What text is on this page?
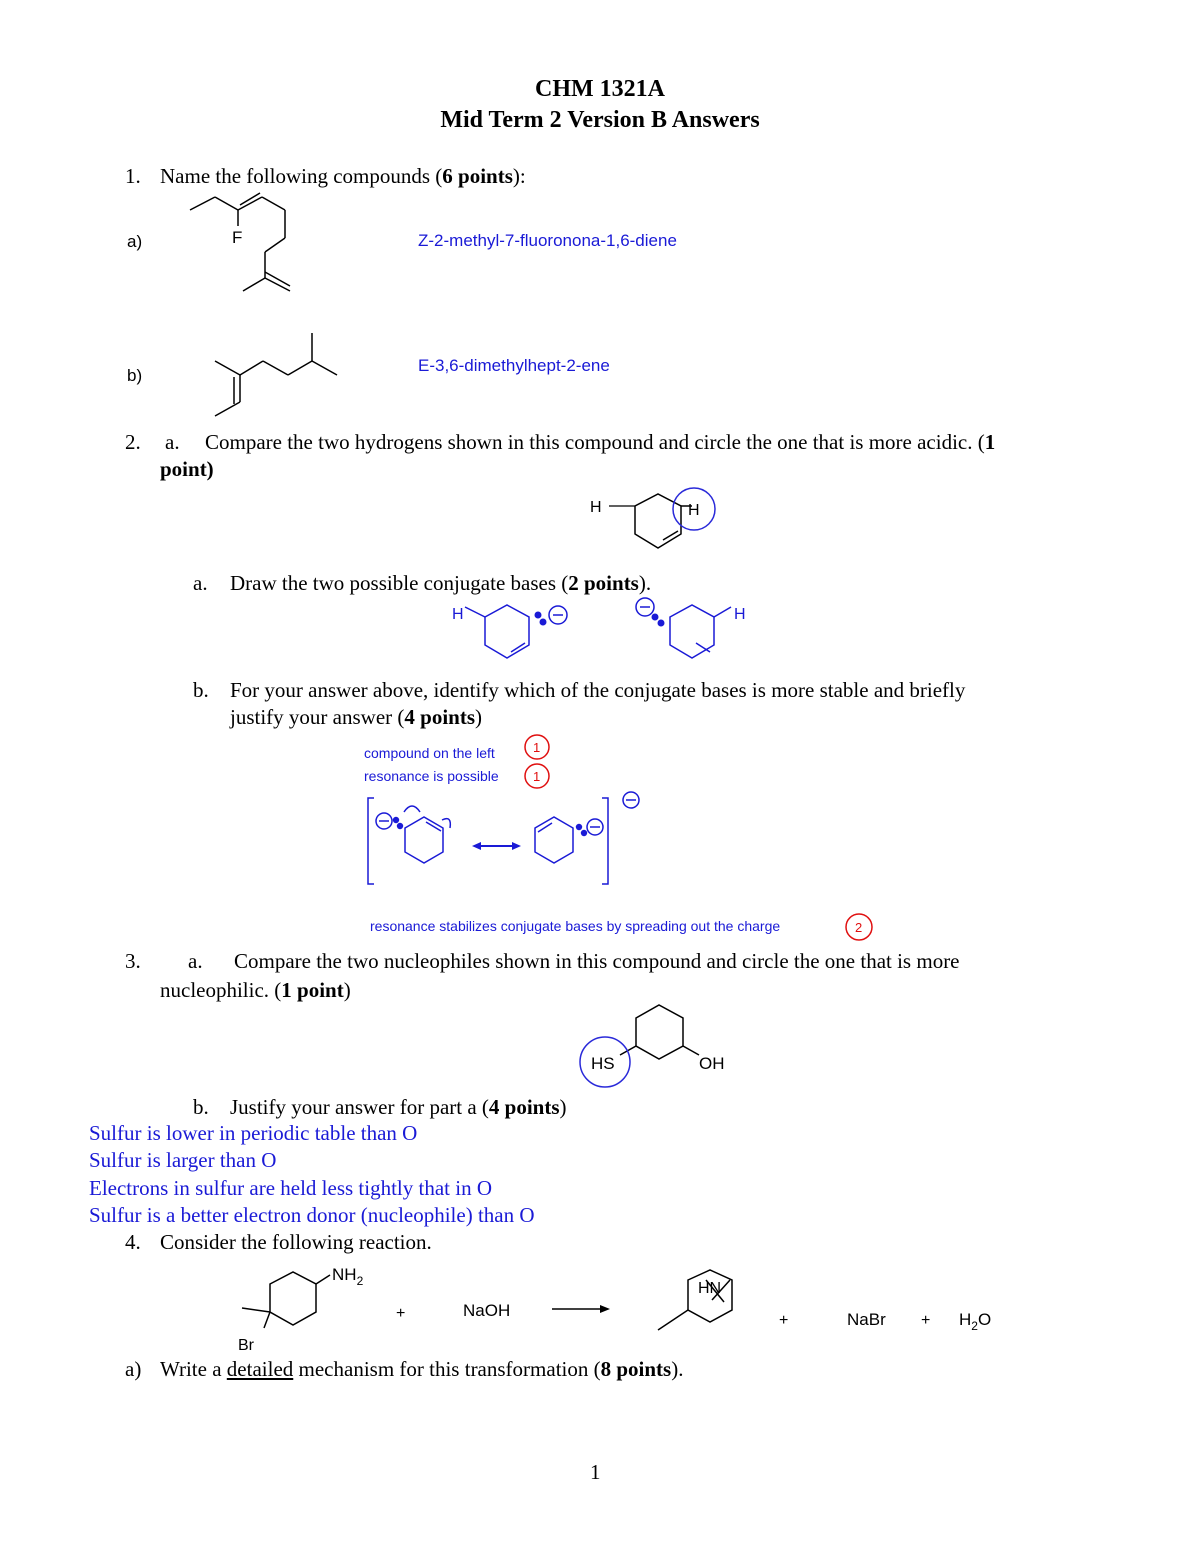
CHM 1321A
Mid Term 2 Version B Answers
1. Name the following compounds (6 points):
a)	F	Z-2-methyl-7-fluorononа-1,6-diene
b)
E-3,6-dimethylhept-2-ene
2. a. Compare the two hydrogens shown in this compound and circle the one that is more acidic. (1
point)
H	H
a. Draw the two possible conjugate bases (2 points).
H	H
b. For your answer above, identify which of the conjugate bases is more stable and briefly
justify your answer (4 points)
compound on the left
resonance is possible
1
1
resonance stabilizes conjugate bases by spreading out the charge	2
3. a. Compare the two nucleophiles shown in this compound and circle the one that is more
nucleophilic. (1 point)
HS	OH
b. Justify your answer for part a (4 points)
Sulfur is lower in periodic table than O
Sulfur is larger than O
Electrons in sulfur are held less tightly that in O
Sulfur is a better electron donor (nucleophile) than O
4. Consider the following reaction.
$NH_2$
Br
+	NaOH
HN
+	NaBr + $H_2O$
a) Write a detailed mechanism for this transformation (8 points).
1
